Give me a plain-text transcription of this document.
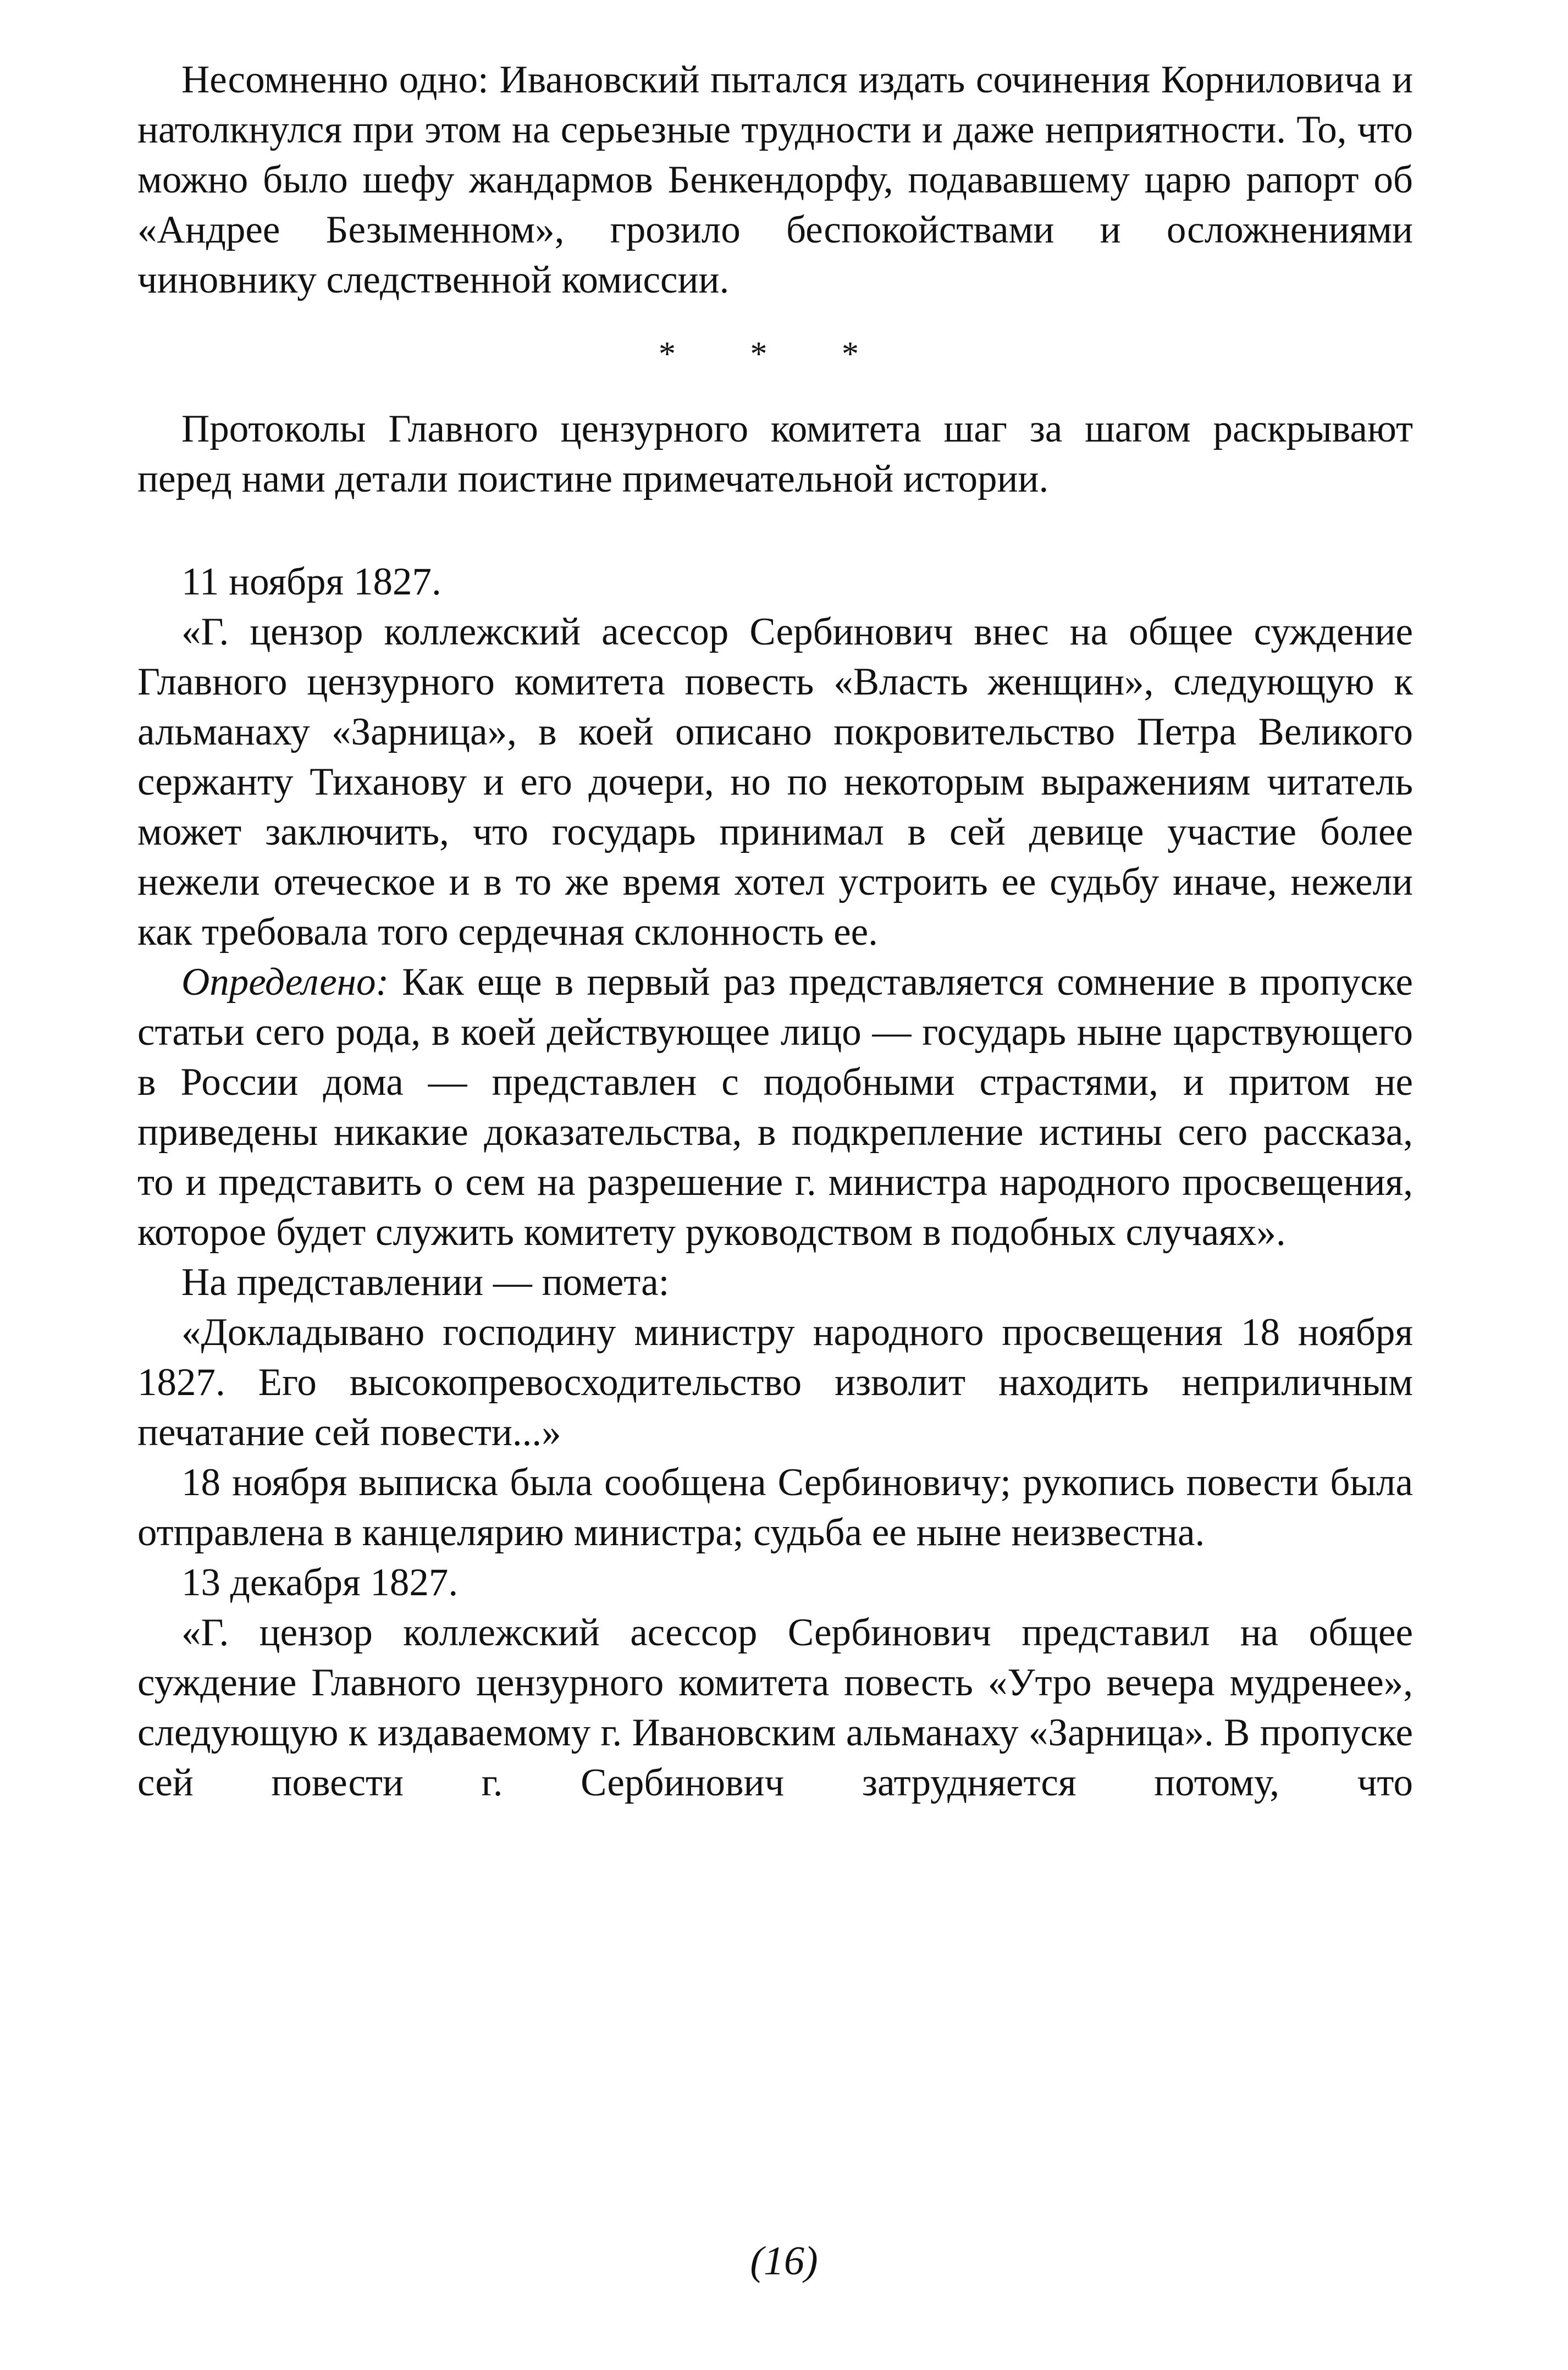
Несомненно одно: Ивановский пытался издать сочинения Корниловича и натолкнулся при этом на серьезные трудности и даже неприятности. То, что можно было шефу жандармов Бенкендорфу, подававшему царю рапорт об «Андрее Безыменном», грозило беспокойствами и осложнениями чиновнику следственной комиссии.

* * *

Протоколы Главного цензурного комитета шаг за шагом раскрывают перед нами детали поистине примечательной истории.

11 ноября 1827.

«Г. цензор коллежский асессор Сербинович внес на общее суждение Главного цензурного комитета повесть «Власть женщин», следующую к альманаху «Зарница», в коей описано покровительство Петра Великого сержанту Тиханову и его дочери, но по некоторым выражениям читатель может заключить, что государь принимал в сей девице участие более нежели отеческое и в то же время хотел устроить ее судьбу иначе, нежели как требовала того сердечная склонность ее.

Определено: Как еще в первый раз представляется сомнение в пропуске статьи сего рода, в коей действующее лицо — государь ныне царствующего в России дома — представлен с подобными страстями, и притом не приведены никакие доказательства, в подкрепление истины сего рассказа, то и представить о сем на разрешение г. министра народного просвещения, которое будет служить комитету руководством в подобных случаях».

На представлении — помета:

«Докладывано господину министру народного просвещения 18 ноября 1827. Его высокопревосходительство изволит находить неприличным печатание сей повести...»

18 ноября выписка была сообщена Сербиновичу; рукопись повести была отправлена в канцелярию министра; судьба ее ныне неизвестна.

13 декабря 1827.

«Г. цензор коллежский асессор Сербинович представил на общее суждение Главного цензурного комитета повесть «Утро вечера мудренее», следующую к издаваемому г. Ивановским альманаху «Зарница». В пропуске сей повести г. Сербинович затрудняется потому, что

(16)
